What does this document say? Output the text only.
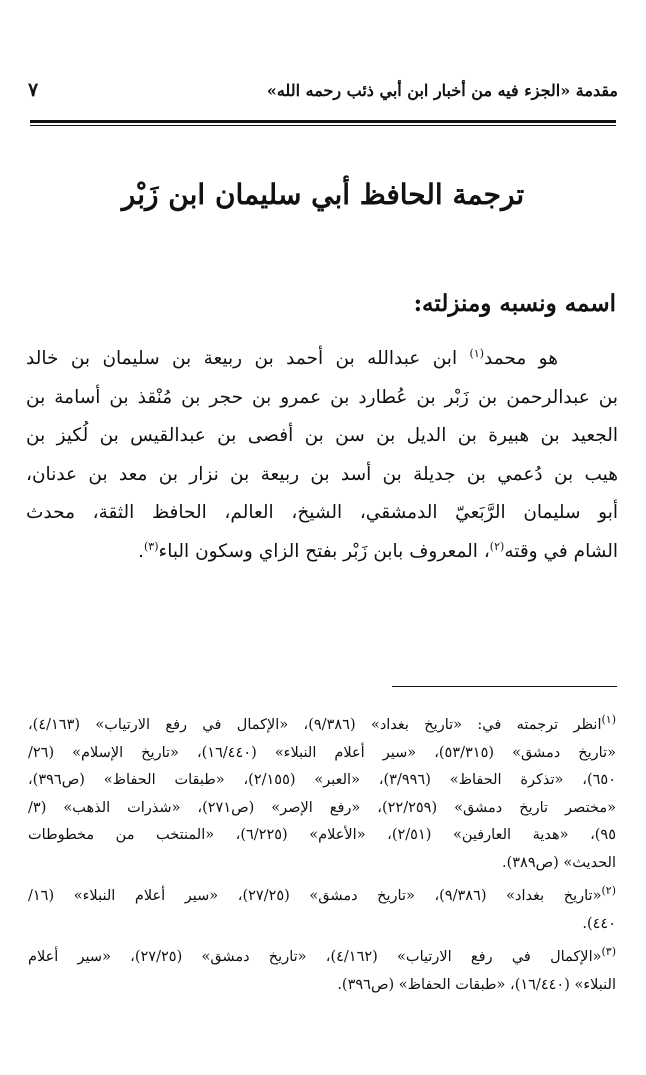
مقدمة «الجزء فيه من أخبار ابن أبي ذئب رحمه الله»
٧
ترجمة الحافظ أبي سليمان ابن زَبْر
اسمه ونسبه ومنزلته:
هو محمد$^{(١)}$ ابن عبدالله بن أحمد بن ربيعة بن سليمان بن خالد
بن عبدالرحمن بن زَبْر بن عُطارد بن عمرو بن حجر بن مُنْقذ بن أسامة بن
الجعيد بن هبيرة بن الديل بن سن بن أفصى بن عبدالقيس بن لُكيز بن
هيب بن دُعمي بن جديلة بن أسد بن ربيعة بن نزار بن معد بن عدنان،
أبو سليمان الرَّبَعيّ الدمشقي، الشيخ، العالم، الحافظ الثقة، محدث
الشام في وقته$^{(٢)}$، المعروف بابن زَبْر بفتح الزاي وسكون الباء$^{(٣)}$.
$^{(١)}$انظر ترجمته في: «تاريخ بغداد» (٩/٣٨٦)، «الإكمال في رفع الارتياب» (٤/١٦٣)،
«تاريخ دمشق» (٥٣/٣١٥)، «سير أعلام النبلاء» (١٦/٤٤٠)، «تاريخ الإسلام» (٢٦/
٦٥٠)، «تذكرة الحفاظ» (٣/٩٩٦)، «العبر» (٢/١٥٥)، «طبقات الحفاظ» (ص٣٩٦)،
«مختصر تاريخ دمشق» (٢٢/٢٥٩)، «رفع الإصر» (ص٢٧١)، «شذرات الذهب» (٣/
٩٥)، «هدية العارفين» (٢/٥١)، «الأعلام» (٦/٢٢٥)، «المنتخب من مخطوطات
الحديث» (ص٣٨٩).
$^{(٢)}$«تاريخ بغداد» (٩/٣٨٦)، «تاريخ دمشق» (٢٧/٢٥)، «سير أعلام النبلاء» (١٦/
٤٤٠).
$^{(٣)}$«الإكمال في رفع الارتياب» (٤/١٦٢)، «تاريخ دمشق» (٢٧/٢٥)، «سير أعلام
النبلاء» (١٦/٤٤٠)، «طبقات الحفاظ» (ص٣٩٦).
